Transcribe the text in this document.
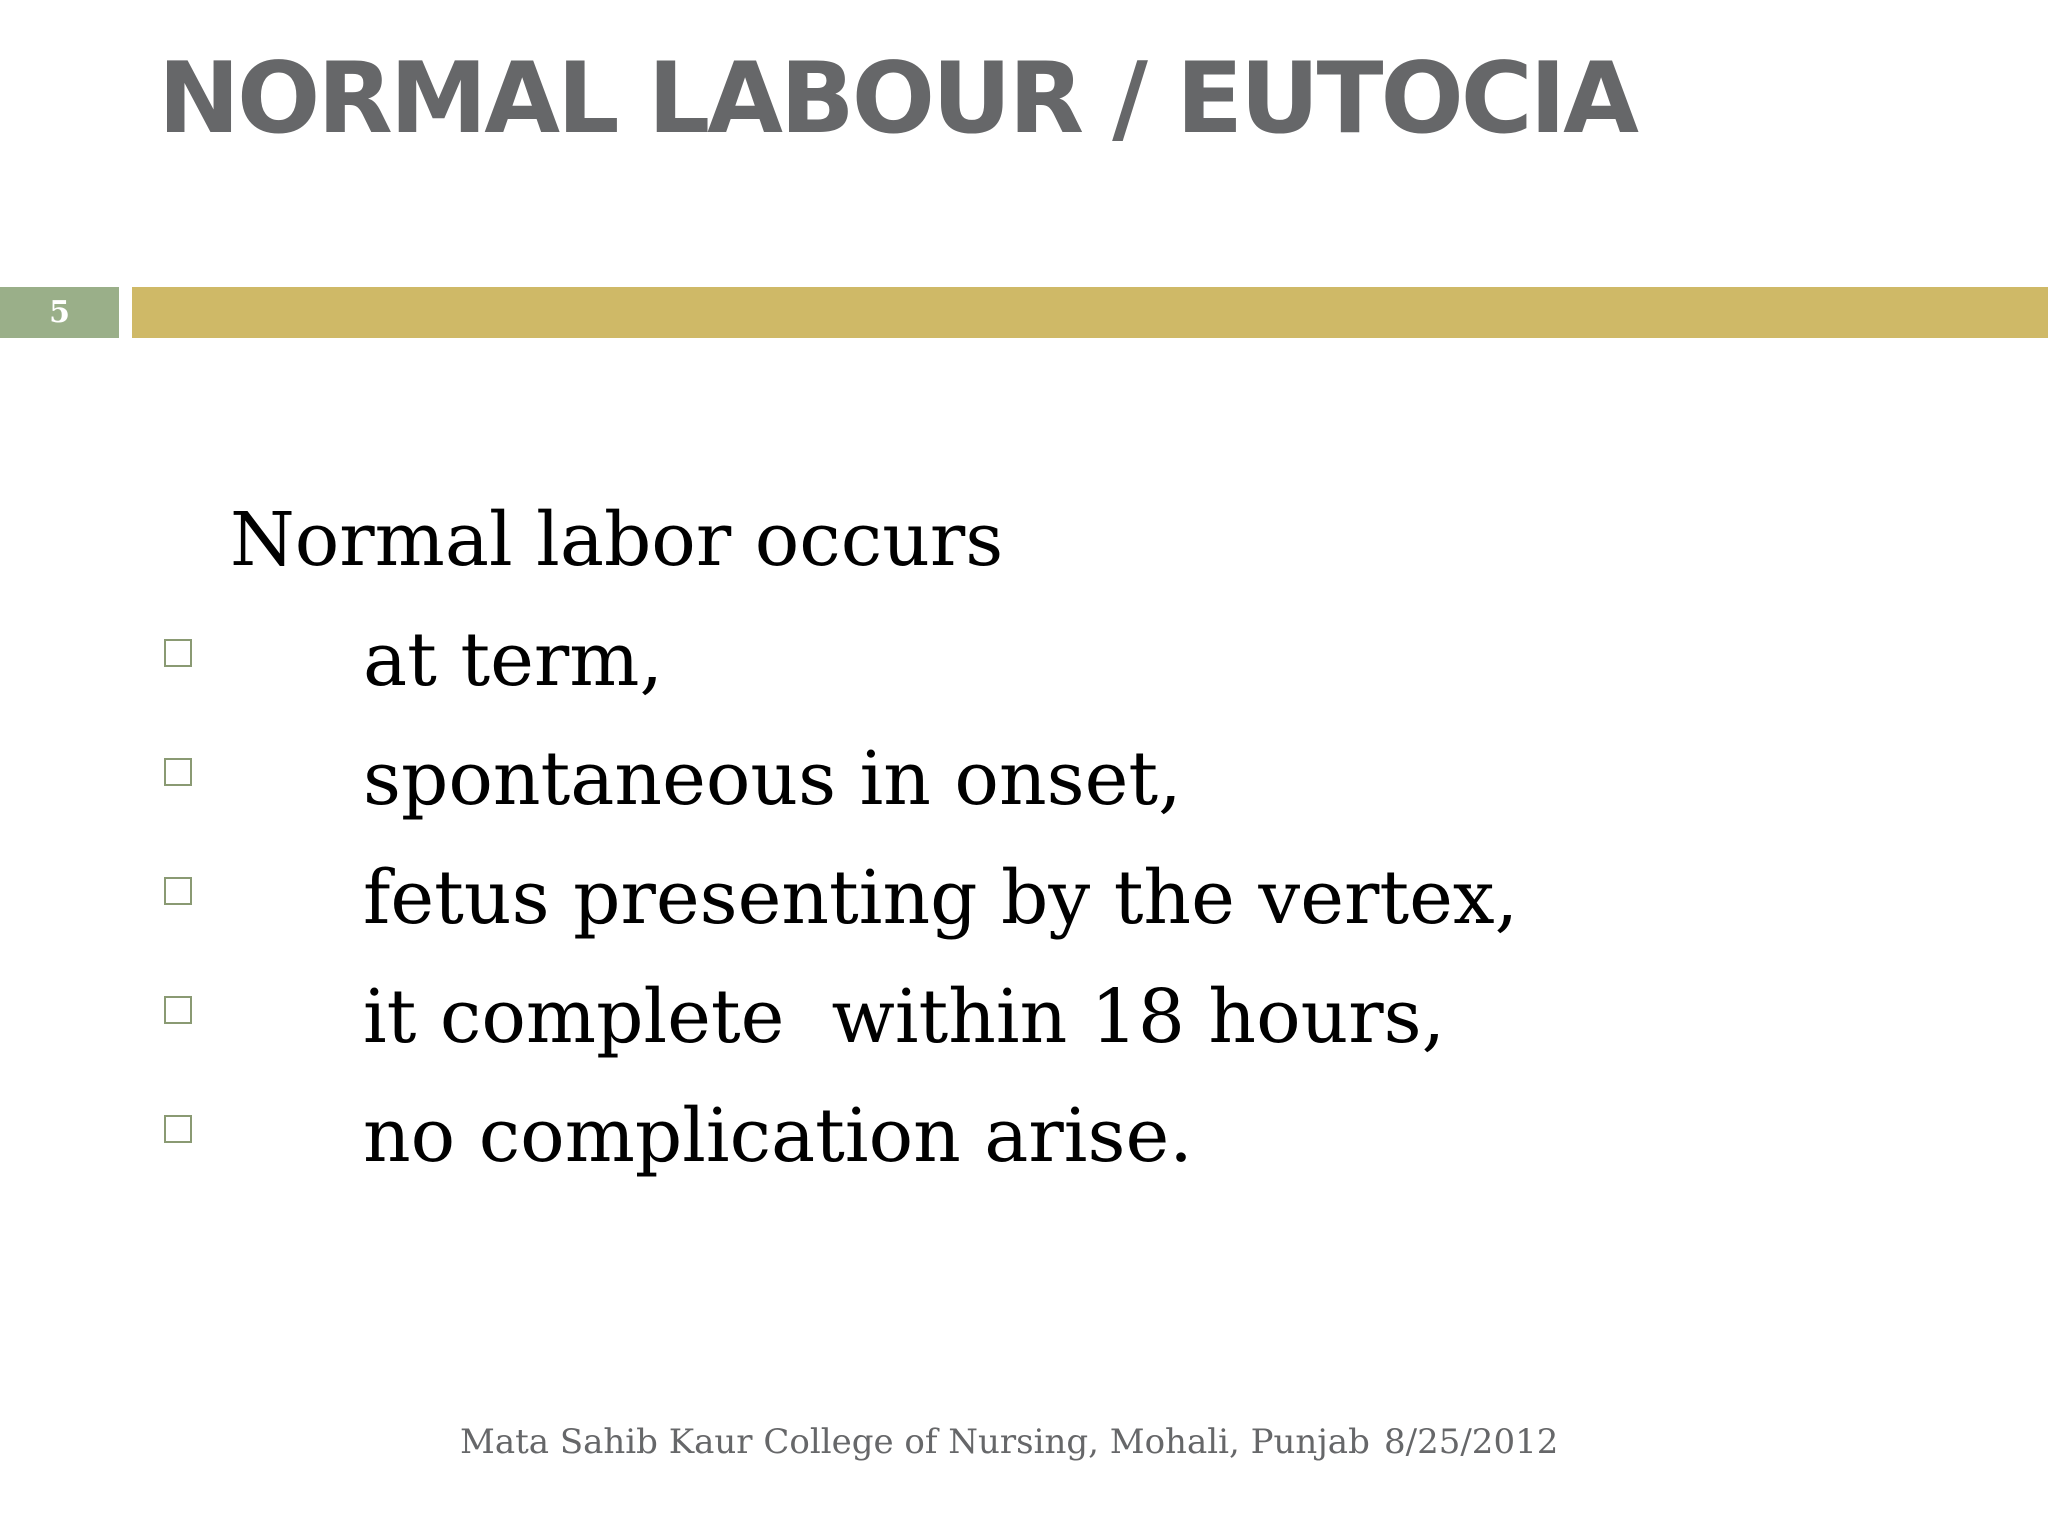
NORMAL LABOUR / EUTOCIA
5
Normal labor occurs
at term,
spontaneous in onset,
fetus presenting by the vertex,
it complete  within 18 hours,
no complication arise.
Mata Sahib Kaur College of Nursing, Mohali, Punjab 8/25/2012
